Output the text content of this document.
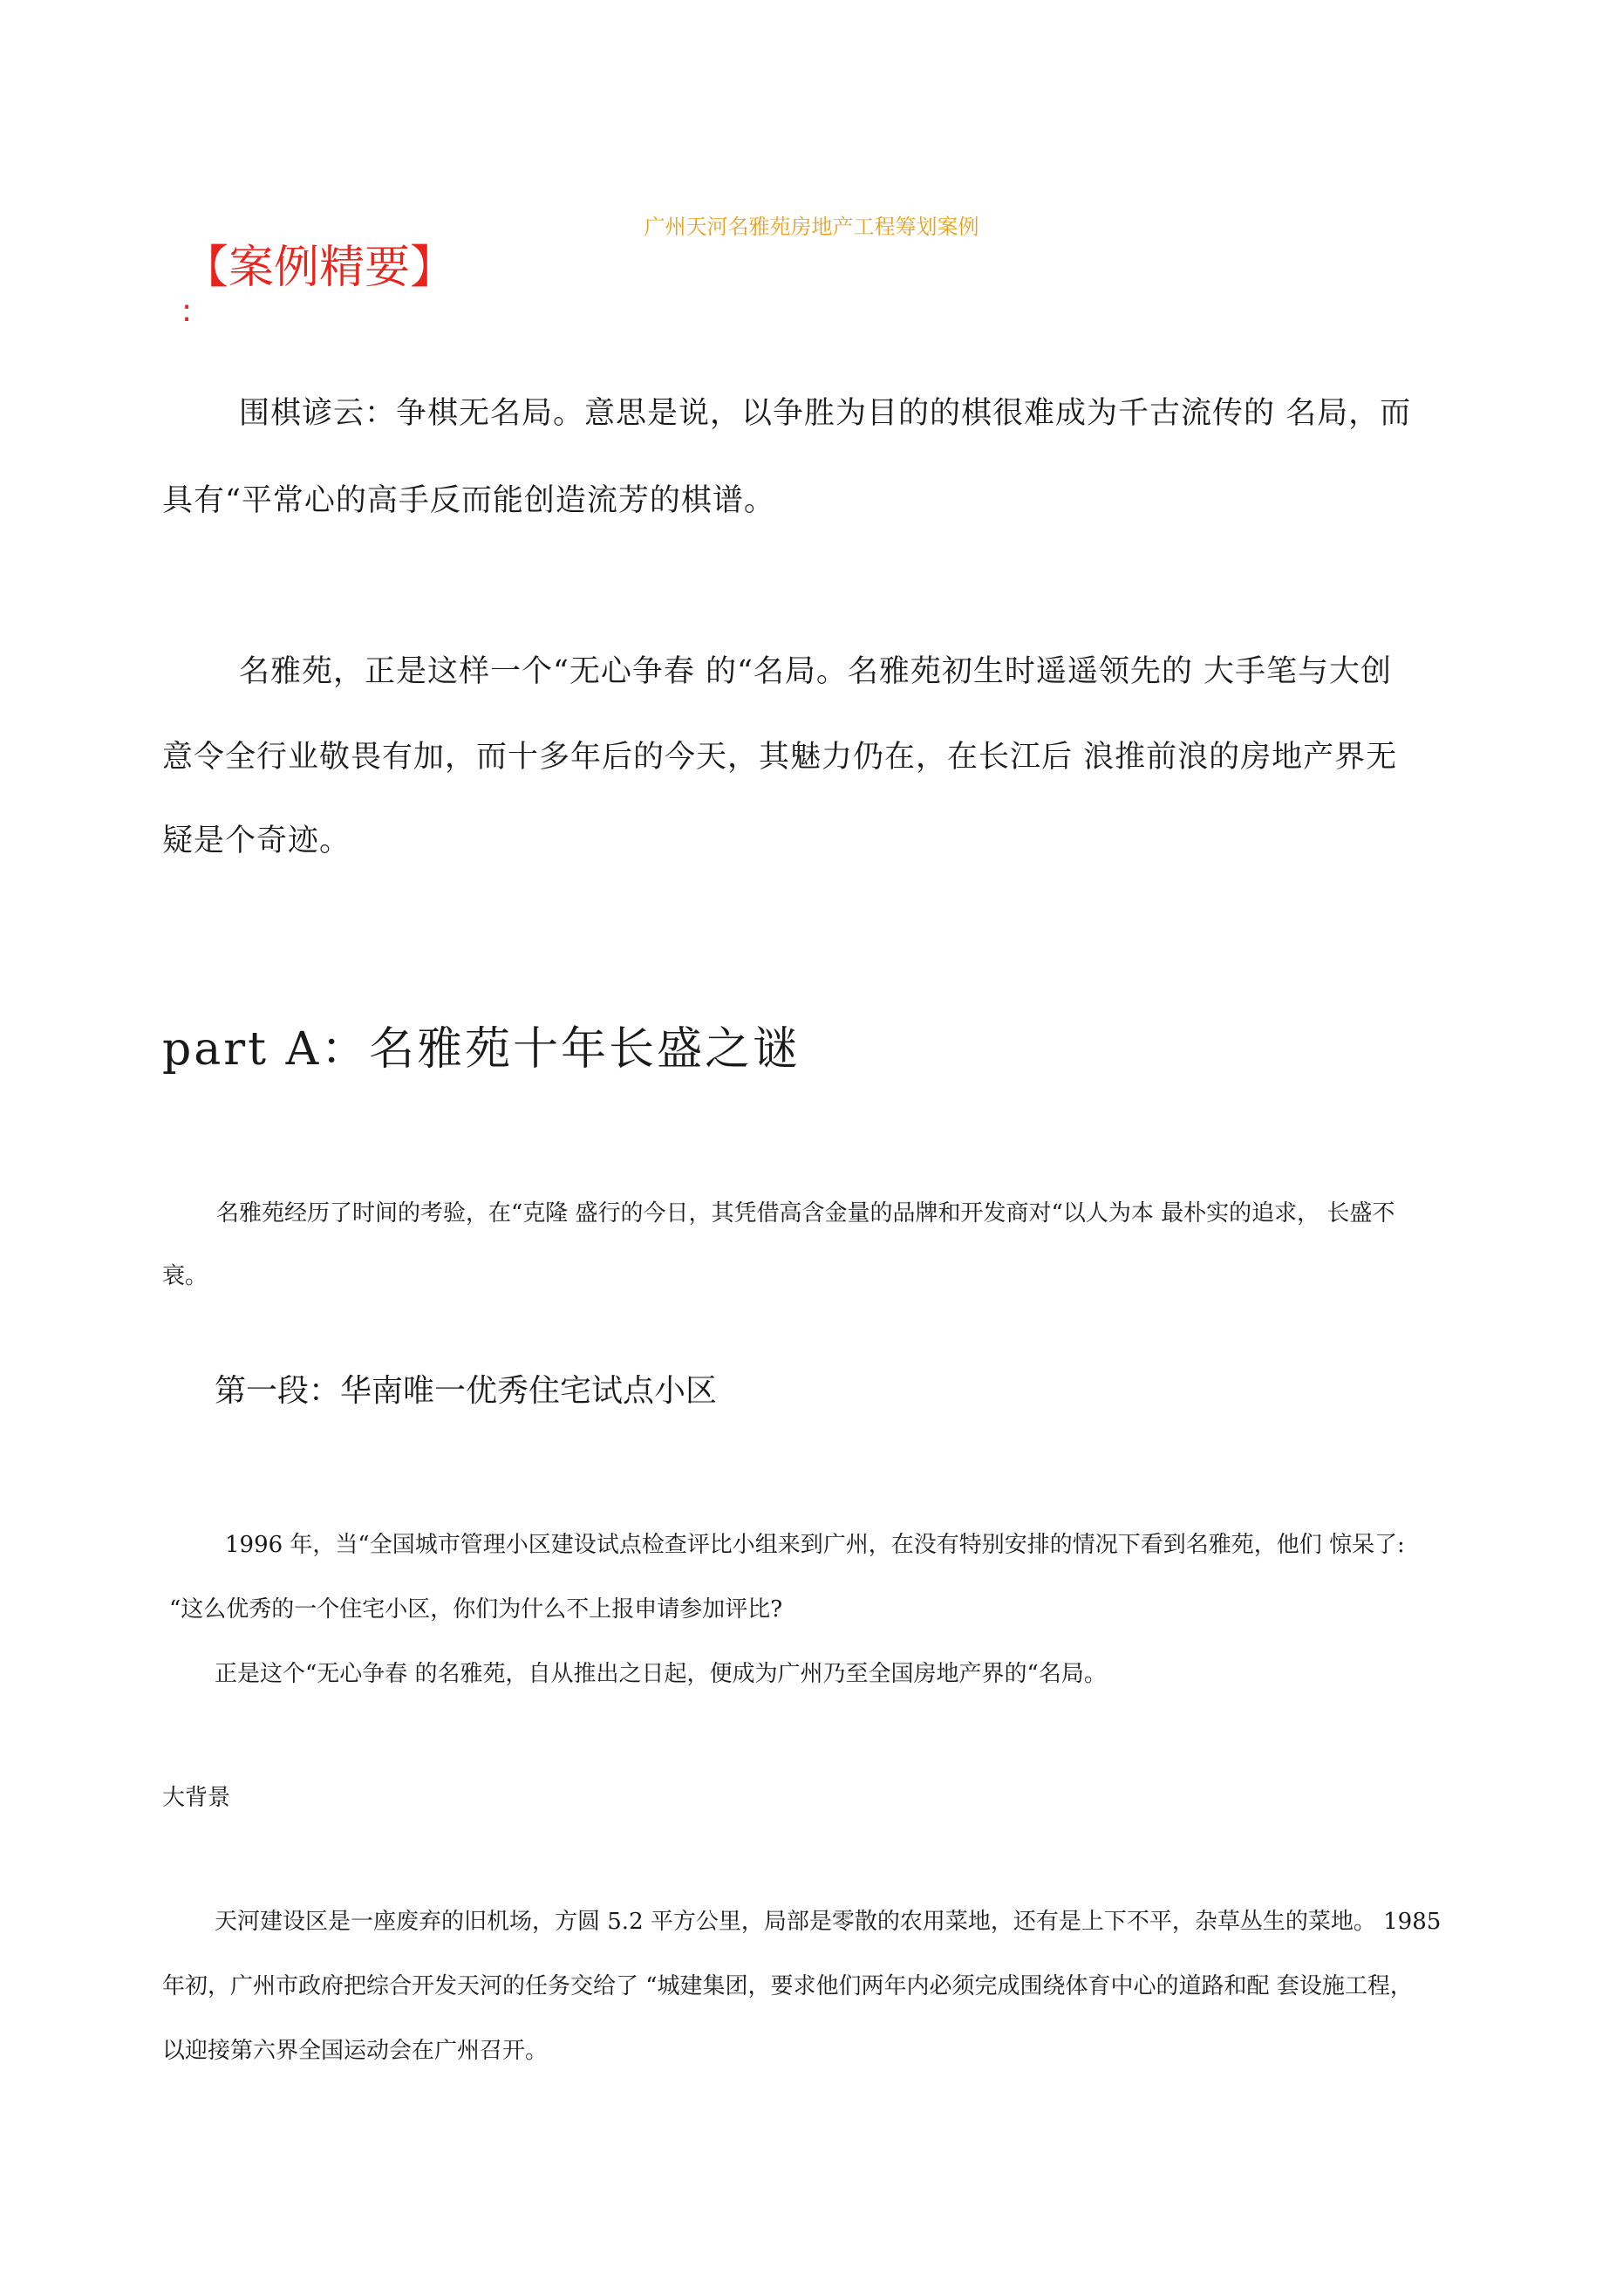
广州天河名雅苑房地产工程筹划案例

【案例精要】

:

围棋谚云：争棋无名局。意思是说，以争胜为目的的棋很难成为千古流传的 名局，而

具有“平常心的高手反而能创造流芳的棋谱。

名雅苑，正是这样一个“无心争春 的“名局。名雅苑初生时遥遥领先的 大手笔与大创

意令全行业敬畏有加，而十多年后的今天，其魅力仍在，在长江后 浪推前浪的房地产界无

疑是个奇迹。

part A：名雅苑十年长盛之谜

名雅苑经历了时间的考验，在“克隆 盛行的今日，其凭借高含金量的品牌和开发商对“以人为本 最朴实的追求， 长盛不

衰。

第一段：华南唯一优秀住宅试点小区

1996 年，当“全国城市管理小区建设试点检查评比小组来到广州，在没有特别安排的情况下看到名雅苑，他们 惊呆了:

“这么优秀的一个住宅小区，你们为什么不上报申请参加评比?

正是这个“无心争春 的名雅苑，自从推出之日起，便成为广州乃至全国房地产界的“名局。

大背景

天河建设区是一座废弃的旧机场，方圆 5.2 平方公里，局部是零散的农用菜地，还有是上下不平，杂草丛生的菜地。 1985

年初，广州市政府把综合开发天河的任务交给了 “城建集团，要求他们两年内必须完成围绕体育中心的道路和配 套设施工程，

以迎接第六界全国运动会在广州召开。
